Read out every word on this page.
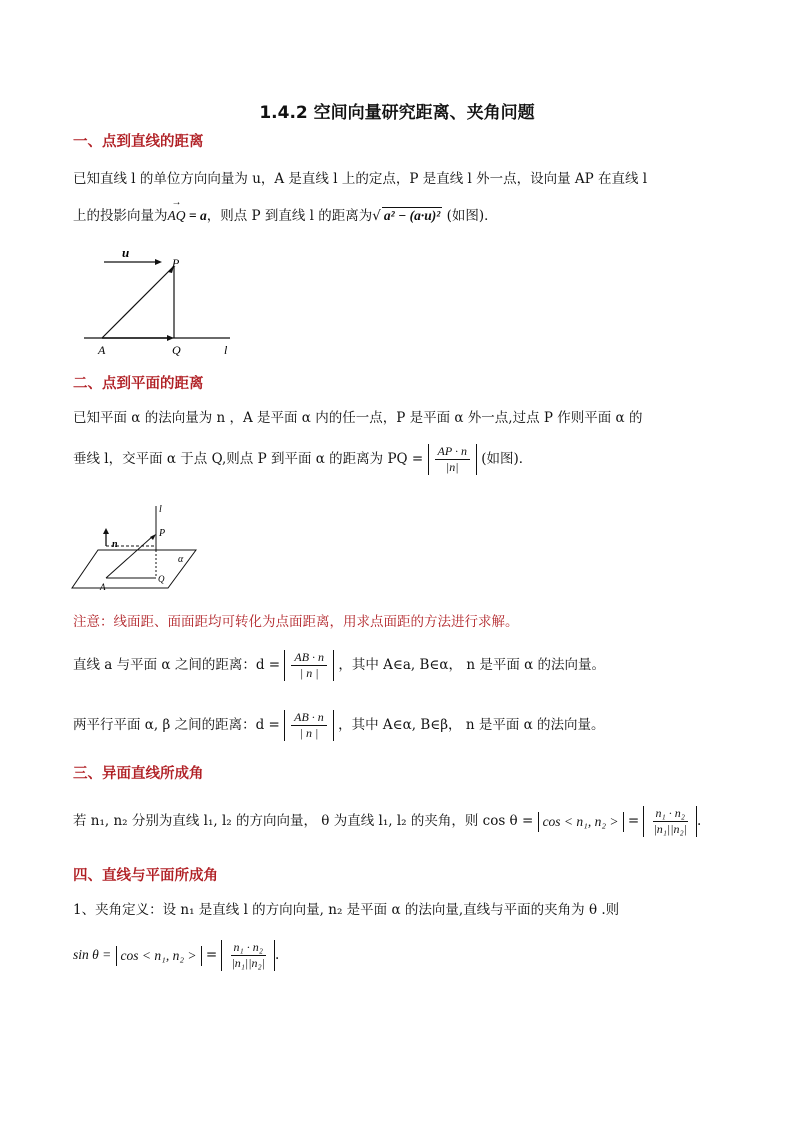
1.4.2 空间向量研究距离、夹角问题
一、点到直线的距离
已知直线 l 的单位方向向量为 u，A 是直线 l 上的定点，P 是直线 l 外一点，设向量 AP 在直线 l
上的投影向量为AQ → = a，则点 P 到直线 l 的距离为√ a² − (a·u)² (如图)．
u
P
A	Q	l
二、点到平面的距离
已知平面 α 的法向量为 n ，A 是平面 α 内的任一点，P 是平面 α 外一点,过点 P 作则平面 α 的
垂线 l，交平面 α 于点 Q,则点 P 到平面 α 的距离为 PQ = $\frac{AP \cdot n}{|n|}$ (如图)．
l
n
P
α
A
Q
注意：线面距、面面距均可转化为点面距离，用求点面距的方法进行求解。
直线 a 与平面 α 之间的距离：$d = \frac{AB \cdot n}{| n |}$ ，其中 A∈a, B∈α， n 是平面 α 的法向量。
两平行平面 α, β 之间的距离：$d = \frac{AB \cdot n}{| n |}$ ，其中 A∈α, B∈β， n 是平面 α 的法向量。
三、异面直线所成角
若 n₁, n₂ 分别为直线 l₁, l₂ 的方向向量， θ 为直线 l₁, l₂ 的夹角，则 cos θ = cos < n₁, n₂ > = $\frac{\text{n₁ · n₂}}{\text{|n₁||n₂|}}$ .
四、直线与平面所成角
1、夹角定义：设 n₁ 是直线 l 的方向向量, n₂ 是平面 α 的法向量,直线与平面的夹角为 θ .则
sin θ = cos < n₁, n₂ > = $\frac{\text{n₁ · n₂}}{\text{|n₁||n₂|}}$ .
